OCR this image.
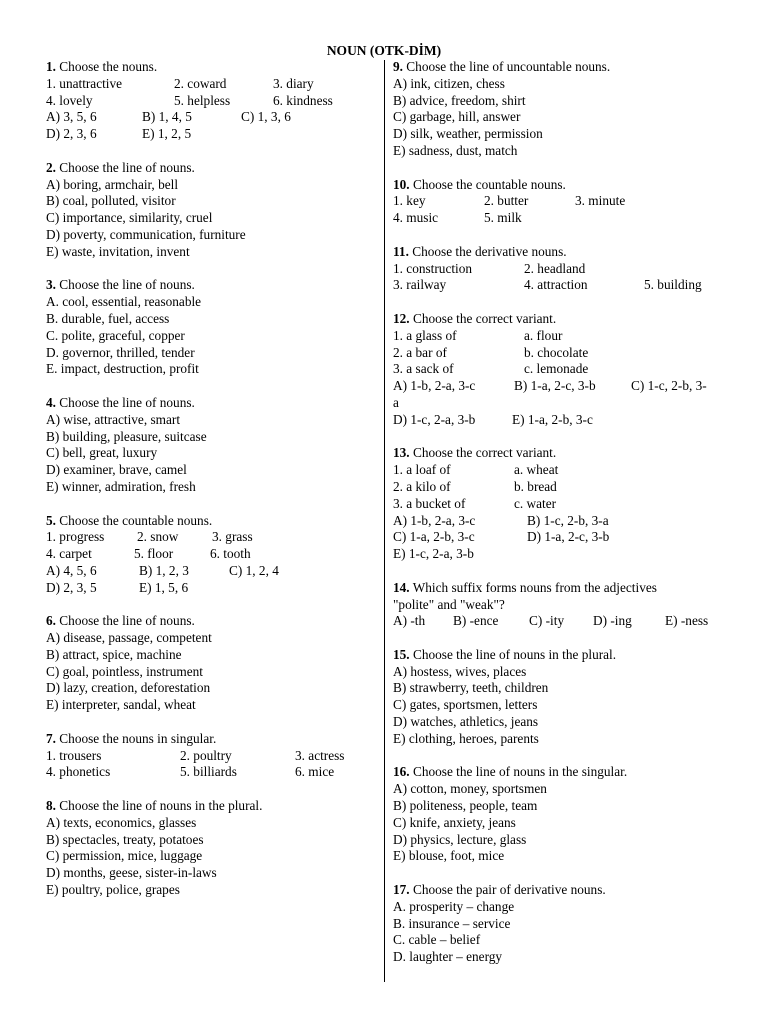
NOUN (OTK-DİM)
1. Choose the nouns.
1. unattractive	2. coward	3. diary
4. lovely	5. helpless	6. kindness
A) 3, 5, 6	B) 1, 4, 5	C) 1, 3, 6
D) 2, 3, 6	E) 1, 2, 5
2. Choose the line of nouns.
A) boring, armchair, bell
B) coal, polluted, visitor
C) importance, similarity, cruel
D) poverty, communication, furniture
E) waste, invitation, invent
3. Choose the line of nouns.
A. cool, essential, reasonable
B. durable, fuel, access
C. polite, graceful, copper
D. governor, thrilled, tender
E. impact, destruction, profit
4. Choose the line of nouns.
A) wise, attractive, smart
B) building, pleasure, suitcase
C) bell, great, luxury
D) examiner, brave, camel
E) winner, admiration, fresh
5. Choose the countable nouns.
1. progress 2. snow	3. grass
4. carpet	5. floor	6. tooth
A) 4, 5, 6	B) 1, 2, 3	C) 1, 2, 4
D) 2, 3, 5	E) 1, 5, 6
6. Choose the line of nouns.
A) disease, passage, competent
B) attract, spice, machine
C) goal, pointless, instrument
D) lazy, creation, deforestation
E) interpreter, sandal, wheat
7. Choose the nouns in singular.
1. trousers	2. poultry	3. actress
4. phonetics	5. billiards	6. mice
8. Choose the line of nouns in the plural.
A) texts, economics, glasses
B) spectacles, treaty, potatoes
C) permission, mice, luggage
D) months, geese, sister-in-laws
E) poultry, police, grapes
9. Choose the line of uncountable nouns.
A) ink, citizen, chess
B) advice, freedom, shirt
C) garbage, hill, answer
D) silk, weather, permission
E) sadness, dust, match
10. Choose the countable nouns.
1. key	2. butter	3. minute
4. music	5. milk
11. Choose the derivative nouns.
1. construction	2. headland
3. railway	4. attraction	5. building
12. Choose the correct variant.
1. a glass of	a. flour
2. a bar of	b. chocolate
3. a sack of	c. lemonade
A) 1-b, 2-a, 3-c	B) 1-a, 2-c, 3-b	C) 1-c, 2-b, 3-
a
D) 1-c, 2-a, 3-b	E) 1-a, 2-b, 3-c
13. Choose the correct variant.
1. a loaf of	a. wheat
2. a kilo of	b. bread
3. a bucket of	c. water
A) 1-b, 2-a, 3-c	B) 1-c, 2-b, 3-a
C) 1-a, 2-b, 3-c	D) 1-a, 2-c, 3-b
E) 1-c, 2-a, 3-b
14. Which suffix forms nouns from the adjectives
"polite" and "weak"?
A) -th B) -ence C) -ity D) -ing E) -ness
15. Choose the line of nouns in the plural.
A) hostess, wives, places
B) strawberry, teeth, children
C) gates, sportsmen, letters
D) watches, athletics, jeans
E) clothing, heroes, parents
16. Choose the line of nouns in the singular.
A) cotton, money, sportsmen
B) politeness, people, team
C) knife, anxiety, jeans
D) physics, lecture, glass
E) blouse, foot, mice
17. Choose the pair of derivative nouns.
A. prosperity – change
B. insurance – service
C. cable – belief
D. laughter – energy
